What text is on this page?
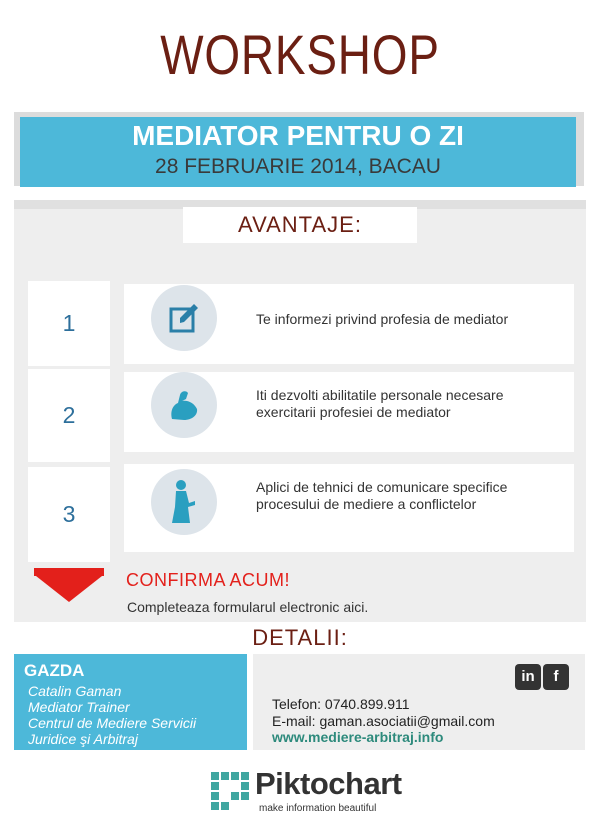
WORKSHOP
MEDIATOR PENTRU O ZI
28 FEBRUARIE 2014, BACAU
AVANTAJE:
1	Te informezi privind profesia de mediator
2
Iti dezvolti abilitatile personale necesare
exercitarii profesiei de mediator
3
Aplici de tehnici de comunicare specifice
procesului de mediere a conflictelor
CONFIRMA ACUM!
Completeaza formularul electronic aici.
DETALII:
GAZDA
Catalin Gaman
Mediator Trainer
Centrul de Mediere Servicii
Juridice şi Arbitraj
in	f
Telefon: 0740.899.911
E-mail: gaman.asociatii@gmail.com
www.mediere-arbitraj.info
Piktochart
make information beautiful
